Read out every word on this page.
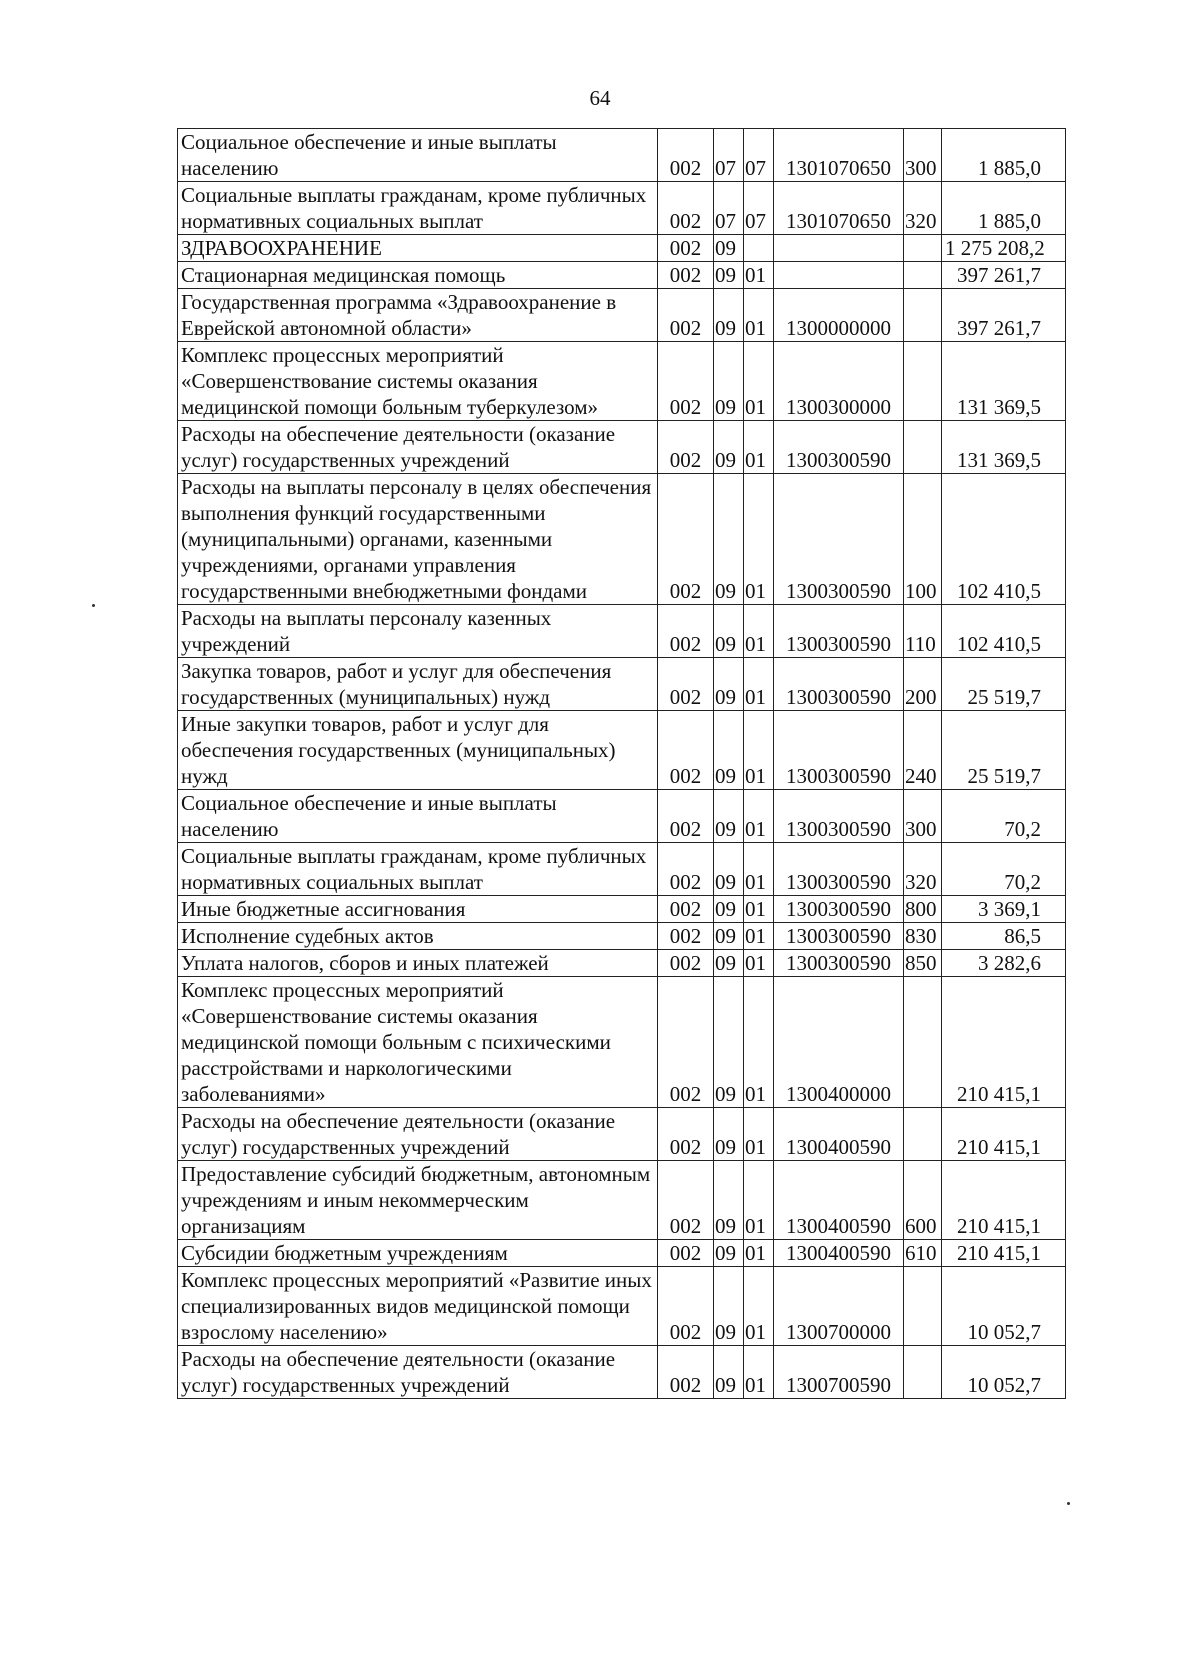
64
Социальное обеспечение и иные выплаты населению	002	07	07	1301070650	300	1 885,0
Социальные выплаты гражданам, кроме публичных нормативных социальных выплат	002	07	07	1301070650	320	1 885,0
ЗДРАВООХРАНЕНИЕ	002	09				1 275 208,2
Стационарная медицинская помощь	002	09	01			397 261,7
Государственная программа «Здравоохранение в Еврейской автономной области»	002	09	01	1300000000		397 261,7
Комплекс процессных мероприятий «Совершенствование системы оказания медицинской помощи больным туберкулезом»	002	09	01	1300300000		131 369,5
Расходы на обеспечение деятельности (оказание услуг) государственных учреждений	002	09	01	1300300590		131 369,5
Расходы на выплаты персоналу в целях обеспечения выполнения функций государственными (муниципальными) органами, казенными учреждениями, органами управления государственными внебюджетными фондами	002	09	01	1300300590	100	102 410,5
Расходы на выплаты персоналу казенных учреждений	002	09	01	1300300590	110	102 410,5
Закупка товаров, работ и услуг для обеспечения государственных (муниципальных) нужд	002	09	01	1300300590	200	25 519,7
Иные закупки товаров, работ и услуг для обеспечения государственных (муниципальных) нужд	002	09	01	1300300590	240	25 519,7
Социальное обеспечение и иные выплаты населению	002	09	01	1300300590	300	70,2
Социальные выплаты гражданам, кроме публичных нормативных социальных выплат	002	09	01	1300300590	320	70,2
Иные бюджетные ассигнования	002	09	01	1300300590	800	3 369,1
Исполнение судебных актов	002	09	01	1300300590	830	86,5
Уплата налогов, сборов и иных платежей	002	09	01	1300300590	850	3 282,6
Комплекс процессных мероприятий «Совершенствование системы оказания медицинской помощи больным с психическими расстройствами и наркологическими заболеваниями»	002	09	01	1300400000		210 415,1
Расходы на обеспечение деятельности (оказание услуг) государственных учреждений	002	09	01	1300400590		210 415,1
Предоставление субсидий бюджетным, автономным учреждениям и иным некоммерческим организациям	002	09	01	1300400590	600	210 415,1
Субсидии бюджетным учреждениям	002	09	01	1300400590	610	210 415,1
Комплекс процессных мероприятий «Развитие иных специализированных видов медицинской помощи взрослому населению»	002	09	01	1300700000		10 052,7
Расходы на обеспечение деятельности (оказание услуг) государственных учреждений	002	09	01	1300700590		10 052,7
